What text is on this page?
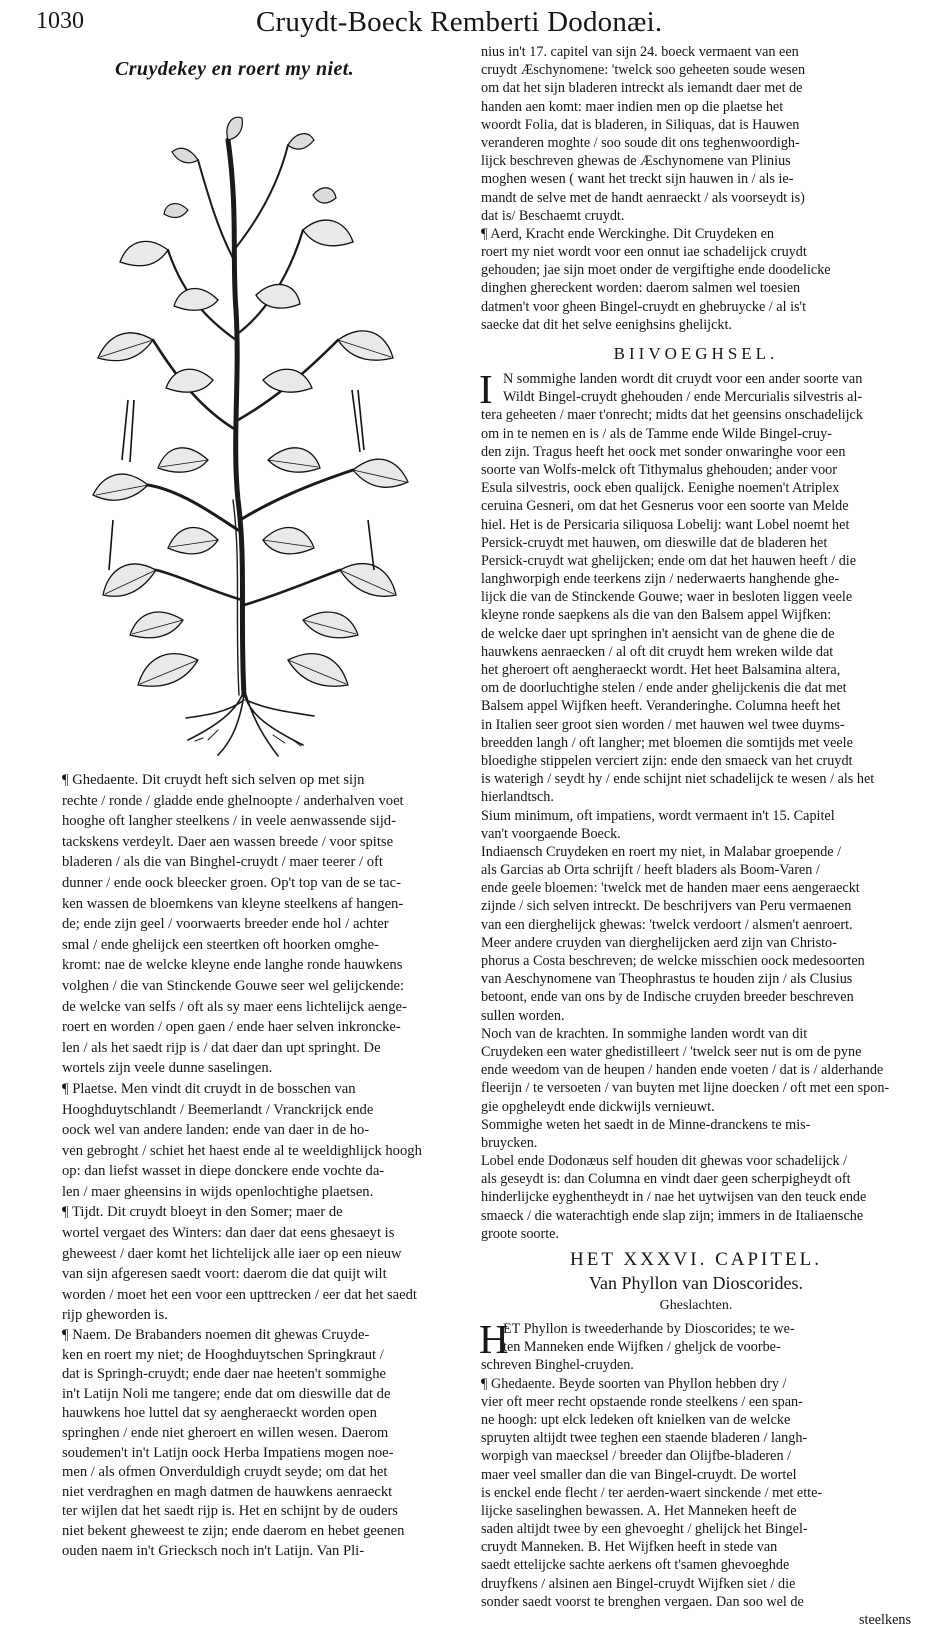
1030	Cruydt-Boeck Remberti Dodonæi.
Cruydekey en roert my niet.
nius in't 17. capitel van sijn 24. boeck vermaent van een
cruydt Æschynomene: 'twelck soo geheeten soude wesen
om dat het sijn bladeren intreckt als iemandt daer met de
handen aen komt: maer indien men op die plaetse het
woordt Folia, dat is bladeren, in Siliquas, dat is Hauwen
veranderen moghte / soo soude dit ons teghenwoordigh-
lijck beschreven ghewas de Æschynomene van Plinius
moghen wesen ( want het treckt sijn hauwen in / als ie-
mandt de selve met de handt aenraeckt / als voorseydt is)
dat is/ Beschaemt cruydt.
¶ Aerd, Kracht ende Werckinghe. Dit Cruydeken en
roert my niet wordt voor een onnut iae schadelijck cruydt
gehouden; jae sijn moet onder de vergiftighe ende doodelicke
dinghen ghereckent worden: daerom salmen wel toesien
datmen't voor gheen Bingel-cruydt en ghebruycke / al is't
saecke dat dit het selve eenighsins ghelijckt.
BIIVOEGHSEL.
I N sommighe landen wordt dit cruydt voor een ander soorte van
Wildt Bingel-cruydt ghehouden / ende Mercurialis silvestris al-
tera geheeten / maer t'onrecht; midts dat het geensins onschadelijck
om in te nemen en is / als de Tamme ende Wilde Bingel-cruy-
den zijn. Tragus heeft het oock met sonder onwaringhe voor een
soorte van Wolfs-melck oft Tithymalus ghehouden; ander voor
Esula silvestris, oock eben qualijck. Eenighe noemen't Atriplex
ceruina Gesneri, om dat het Gesnerus voor een soorte van Melde
hiel. Het is de Persicaria siliquosa Lobelij: want Lobel noemt het
Persick-cruydt met hauwen, om dieswille dat de bladeren het
Persick-cruydt wat ghelijcken; ende om dat het hauwen heeft / die
langhworpigh ende teerkens zijn / nederwaerts hanghende ghe-
lijck die van de Stinckende Gouwe; waer in besloten liggen veele
kleyne ronde saepkens als die van den Balsem appel Wijfken:
de welcke daer upt springhen in't aensicht van de ghene die de
hauwkens aenraecken / al oft dit cruydt hem wreken wilde dat
het gheroert oft aengheraeckt wordt. Het heet Balsamina altera,
om de doorluchtighe stelen / ende ander ghelijckenis die dat met
Balsem appel Wijfken heeft. Veranderinghe. Columna heeft het
in Italien seer groot sien worden / met hauwen wel twee duyms-
breedden langh / oft langher; met bloemen die somtijds met veele
bloedighe stippelen verciert zijn: ende den smaeck van het cruydt
is waterigh / seydt hy / ende schijnt niet schadelijck te wesen / als het
hierlandtsch.
Sium minimum, oft impatiens, wordt vermaent in't 15. Capitel
van't voorgaende Boeck.
Indiaensch Cruydeken en roert my niet, in Malabar groepende /
als Garcias ab Orta schrijft / heeft bladers als Boom-Varen /
ende geele bloemen: 'twelck met de handen maer eens aengeraeckt
zijnde / sich selven intreckt. De beschrijvers van Peru vermaenen
van een dierghelijck ghewas: 'twelck verdoort / alsmen't aenroert.
Meer andere cruyden van dierghelijcken aerd zijn van Christo-
phorus a Costa beschreven; de welcke misschien oock medesoorten
van Aeschynomene van Theophrastus te houden zijn / als Clusius
betoont, ende van ons by de Indische cruyden breeder beschreven
sullen worden.
Noch van de krachten. In sommighe landen wordt van dit
Cruydeken een water ghedistilleert / 'twelck seer nut is om de pyne
ende weedom van de heupen / handen ende voeten / dat is / alderhande
fleerijn / te versoeten / van buyten met lijne doecken / oft met een spon-
gie opgheleydt ende dickwijls vernieuwt.
Sommighe weten het saedt in de Minne-dranckens te mis-
bruycken.
Lobel ende Dodonæus self houden dit ghewas voor schadelijck /
als geseydt is: dan Columna en vindt daer geen scherpigheydt oft
hinderlijcke eyghentheydt in / nae het uytwijsen van den teuck ende
smaeck / die waterachtigh ende slap zijn; immers in de Italiaensche
groote soorte.
HET XXXVI. CAPITEL.
Van Phyllon van Dioscorides.
Gheslachten.
H
ET Phyllon is tweederhande by Dioscorides; te we-
ten Manneken ende Wijfken / gheljck de voorbe-
schreven Binghel-cruyden.
¶ Ghedaente. Beyde soorten van Phyllon hebben dry /
vier oft meer recht opstaende ronde steelkens / een span-
ne hoogh: upt elck ledeken oft knielken van de welcke
spruyten altijdt twee teghen een staende bladeren / langh-
worpigh van maecksel / breeder dan Olijfbe-bladeren /
maer veel smaller dan die van Bingel-cruydt. De wortel
is enckel ende flecht / ter aerden-waert sinckende / met ette-
lijcke saselinghen bewassen. A. Het Manneken heeft de
saden altijdt twee by een ghevoeght / ghelijck het Bingel-
cruydt Manneken. B. Het Wijfken heeft in stede van
saedt ettelijcke sachte aerkens oft t'samen ghevoeghde
druyfkens / alsinen aen Bingel-cruydt Wijfken siet / die
sonder saedt voorst te brenghen vergaen. Dan soo wel de
steelkens
¶ Ghedaente. Dit cruydt heft sich selven op met sijn
rechte / ronde / gladde ende ghelnoopte / anderhalven voet
hooghe oft langher steelkens / in veele aenwassende sijd-
tackskens verdeylt. Daer aen wassen breede / voor spitse
bladeren / als die van Binghel-cruydt / maer teerer / oft
dunner / ende oock bleecker groen. Op't top van de se tac-
ken wassen de bloemkens van kleyne steelkens af hangen-
de; ende zijn geel / voorwaerts breeder ende hol / achter
smal / ende ghelijck een steertken oft hoorken omghe-
kromt: nae de welcke kleyne ende langhe ronde hauwkens
volghen / die van Stinckende Gouwe seer wel gelijckende:
de welcke van selfs / oft als sy maer eens lichtelijck aenge-
roert en worden / open gaen / ende haer selven inkroncke-
len / als het saedt rijp is / dat daer dan upt springht. De
wortels zijn veele dunne saselingen.
¶ Plaetse. Men vindt dit cruydt in de bosschen van
Hooghduytschlandt / Beemerlandt / Vranckrijck ende
oock wel van andere landen: ende van daer in de ho-
ven gebroght / schiet het haest ende al te weeldighlijck hoogh
op: dan liefst wasset in diepe donckere ende vochte da-
len / maer gheensins in wijds openlochtighe plaetsen.
¶ Tijdt. Dit cruydt bloeyt in den Somer; maer de
wortel vergaet des Winters: dan daer dat eens ghesaeyt is
gheweest / daer komt het lichtelijck alle iaer op een nieuw
van sijn afgeresen saedt voort: daerom die dat quijt wilt
worden / moet het een voor een upttrecken / eer dat het saedt
rijp gheworden is.
¶ Naem. De Brabanders noemen dit ghewas Cruyde-
ken en roert my niet; de Hooghduytschen Springkraut /
dat is Springh-cruydt; ende daer nae heeten't sommighe
in't Latijn Noli me tangere; ende dat om dieswille dat de
hauwkens hoe luttel dat sy aengheraeckt worden open
springhen / ende niet gheroert en willen wesen. Daerom
soudemen't in't Latijn oock Herba Impatiens mogen noe-
men / als ofmen Onverduldigh cruydt seyde; om dat het
niet verdraghen en magh datmen de hauwkens aenraeckt
ter wijlen dat het saedt rijp is. Het en schijnt by de ouders
niet bekent gheweest te zijn; ende daerom en hebet geenen
ouden naem in't Griecksch noch in't Latijn. Van Pli-
